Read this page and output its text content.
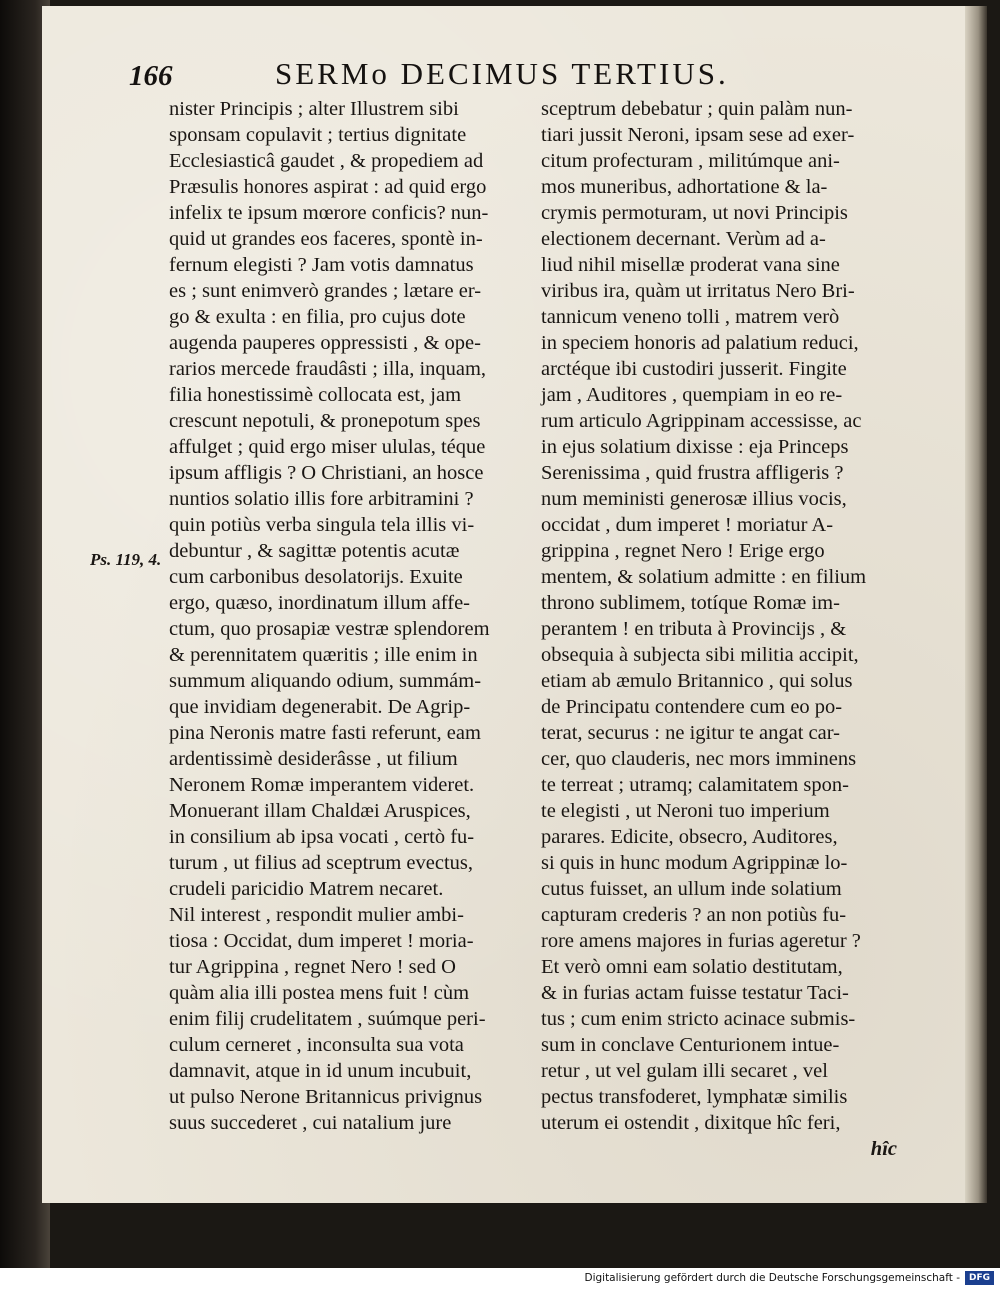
166	SERMo DECIMUS TERTIUS.
Ps. 119, 4.
nister Principis ; alter Illustrem sibi
sponsam copulavit ; tertius dignitate
Ecclesiasticâ gaudet , & propediem ad
Præsulis honores aspirat : ad quid ergo
infelix te ipsum mœrore conficis? nun-
quid ut grandes eos faceres, spontè in-
fernum elegisti ? Jam votis damnatus
es ; sunt enimverò grandes ; lætare er-
go & exulta : en filia, pro cujus dote
augenda pauperes oppressisti , & ope-
rarios mercede fraudâsti ; illa, inquam,
filia honestissimè collocata est, jam
crescunt nepotuli, & pronepotum spes
affulget ; quid ergo miser ululas, téque
ipsum affligis ? O Christiani, an hosce
nuntios solatio illis fore arbitramini ?
quin potiùs verba singula tela illis vi-
debuntur , & sagittæ potentis acutæ
cum carbonibus desolatorijs. Exuite
ergo, quæso, inordinatum illum affe-
ctum, quo prosapiæ vestræ splendorem
& perennitatem quæritis ; ille enim in
summum aliquando odium, summám-
que invidiam degenerabit. De Agrip-
pina Neronis matre fasti referunt, eam
ardentissimè desiderâsse , ut filium
Neronem Romæ imperantem videret.
Monuerant illam Chaldæi Aruspices,
in consilium ab ipsa vocati , certò fu-
turum , ut filius ad sceptrum evectus,
crudeli paricidio Matrem necaret.
Nil interest , respondit mulier ambi-
tiosa : Occidat, dum imperet ! moria-
tur Agrippina , regnet Nero ! sed O
quàm alia illi postea mens fuit ! cùm
enim filij crudelitatem , suúmque peri-
culum cerneret , inconsulta sua vota
damnavit, atque in id unum incubuit,
ut pulso Nerone Britannicus privignus
suus succederet , cui natalium jure
sceptrum debebatur ; quin palàm nun-
tiari jussit Neroni, ipsam sese ad exer-
citum profecturam , militúmque ani-
mos muneribus, adhortatione & la-
crymis permoturam, ut novi Principis
electionem decernant. Verùm ad a-
liud nihil misellæ proderat vana sine
viribus ira, quàm ut irritatus Nero Bri-
tannicum veneno tolli , matrem verò
in speciem honoris ad palatium reduci,
arctéque ibi custodiri jusserit. Fingite
jam , Auditores , quempiam in eo re-
rum articulo Agrippinam accessisse, ac
in ejus solatium dixisse : eja Princeps
Serenissima , quid frustra affligeris ?
num meministi generosæ illius vocis,
occidat , dum imperet ! moriatur A-
grippina , regnet Nero ! Erige ergo
mentem, & solatium admitte : en filium
throno sublimem, totíque Romæ im-
perantem ! en tributa à Provincijs , &
obsequia à subjecta sibi militia accipit,
etiam ab æmulo Britannico , qui solus
de Principatu contendere cum eo po-
terat, securus : ne igitur te angat car-
cer, quo clauderis, nec mors imminens
te terreat ; utramq; calamitatem spon-
te elegisti , ut Neroni tuo imperium
parares. Edicite, obsecro, Auditores,
si quis in hunc modum Agrippinæ lo-
cutus fuisset, an ullum inde solatium
capturam crederis ? an non potiùs fu-
rore amens majores in furias ageretur ?
Et verò omni eam solatio destitutam,
& in furias actam fuisse testatur Taci-
tus ; cum enim stricto acinace submis-
sum in conclave Centurionem intue-
retur , ut vel gulam illi secaret , vel
pectus transfoderet, lymphatæ similis
uterum ei ostendit , dixitque hîc feri,
hîc
Digitalisierung gefördert durch die Deutsche Forschungsgemeinschaft - DFG
